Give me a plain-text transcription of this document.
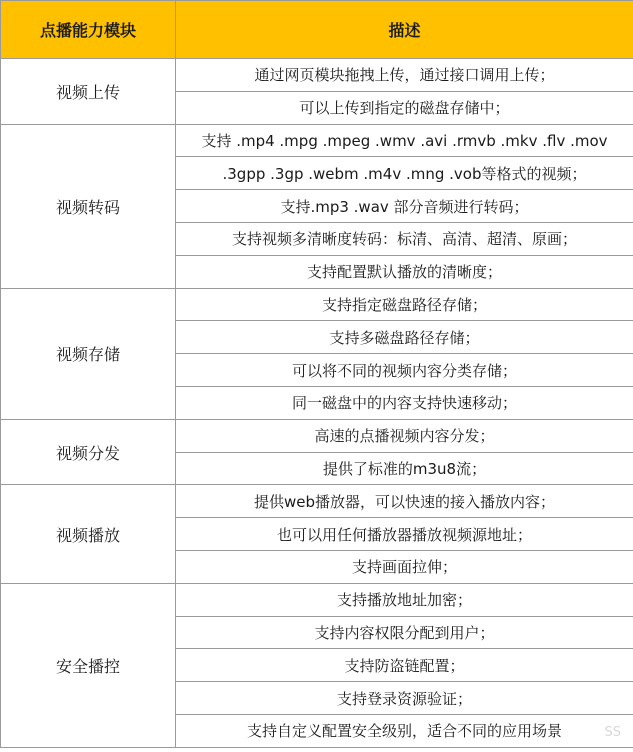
点播能力模块	描述
视频上传	通过网页模块拖拽上传，通过接口调用上传；
	可以上传到指定的磁盘存储中；
视频转码	支持 .mp4 .mpg .mpeg .wmv .avi .rmvb .mkv .flv .mov
	.3gpp .3gp .webm .m4v .mng .vob等格式的视频；
	支持.mp3 .wav 部分音频进行转码；
	支持视频多清晰度转码：标清、高清、超清、原画；
	支持配置默认播放的清晰度；
视频存储	支持指定磁盘路径存储；
	支持多磁盘路径存储；
	可以将不同的视频内容分类存储；
	同一磁盘中的内容支持快速移动；
视频分发	高速的点播视频内容分发；
	提供了标准的m3u8流；
视频播放	提供web播放器，可以快速的接入播放内容；
	也可以用任何播放器播放视频源地址；
	支持画面拉伸；
安全播控	支持播放地址加密；
	支持内容权限分配到用户；
	支持防盗链配置；
	支持登录资源验证；
	支持自定义配置安全级别，适合不同的应用场景	SS
